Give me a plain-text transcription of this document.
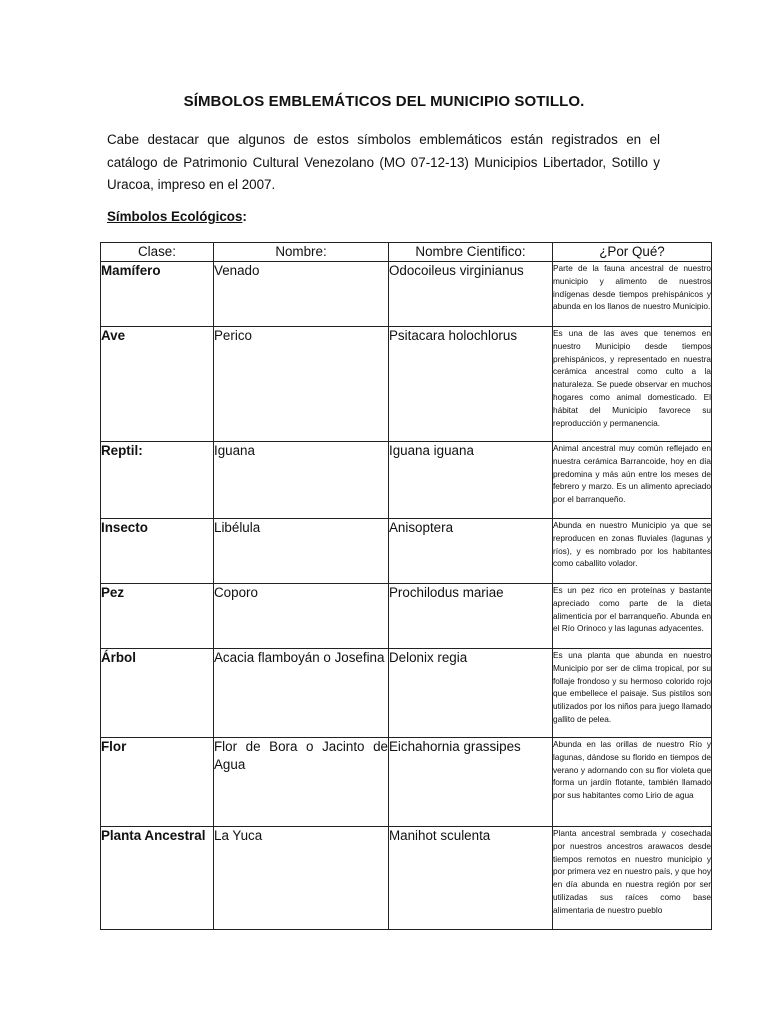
SÍMBOLOS EMBLEMÁTICOS DEL MUNICIPIO SOTILLO.
Cabe destacar que algunos de estos símbolos emblemáticos están registrados en el catálogo de Patrimonio Cultural Venezolano (MO 07-12-13) Municipios Libertador, Sotillo y Uracoa, impreso en el 2007.
Símbolos Ecológicos:
Clase:	Nombre:	Nombre Cientifico:	¿Por Qué?
Mamífero	Venado	Odocoileus virginianus	Parte de la fauna ancestral de nuestro municipio y alimento de nuestros indígenas desde tiempos prehispánicos y abunda en los llanos de nuestro Municipio.

Ave	Perico	Psitacara holochlorus	Es una de las aves que tenemos en nuestro Municipio desde tiempos prehispánicos, y representado en nuestra cerámica ancestral como culto a la naturaleza. Se puede observar en muchos hogares como animal domesticado. El hábitat del Municipio favorece su reproducción y permanencia.

Reptil:	Iguana	Iguana iguana	Animal ancestral muy común reflejado en nuestra cerámica Barrancoide, hoy en día predomina y más aún entre los meses de febrero y marzo. Es un alimento apreciado por el barranqueño.

Insecto	Libélula	Anisoptera	Abunda en nuestro Municipio ya que se reproducen en zonas fluviales (lagunas y ríos), y es nombrado por los habitantes como caballito volador.

Pez	Coporo	Prochilodus mariae	Es un pez rico en proteínas y bastante apreciado como parte de la dieta alimenticia por el barranqueño. Abunda en el Río Orinoco y las lagunas adyacentes.

Árbol	Acacia flamboyán o Josefina	Delonix regia	Es una planta que abunda en nuestro Municipio por ser de clima tropical, por su follaje frondoso y su hermoso colorido rojo que embellece el paisaje. Sus pistilos son utilizados por los niños para juego llamado gallito de pelea.

Flor	Flor de Bora o Jacinto de Agua	Eichahornia grassipes	Abunda en las orillas de nuestro Río y lagunas, dándose su florido en tiempos de verano y adornando con su flor violeta que forma un jardín flotante, también llamado por sus habitantes como Lirio de agua

Planta Ancestral	La Yuca	Manihot sculenta	Planta ancestral sembrada y cosechada por nuestros ancestros arawacos desde tiempos remotos en nuestro municipio y por primera vez en nuestro país, y que hoy en día abunda en nuestra región por ser utilizadas sus raíces como base alimentaria de nuestro pueblo
